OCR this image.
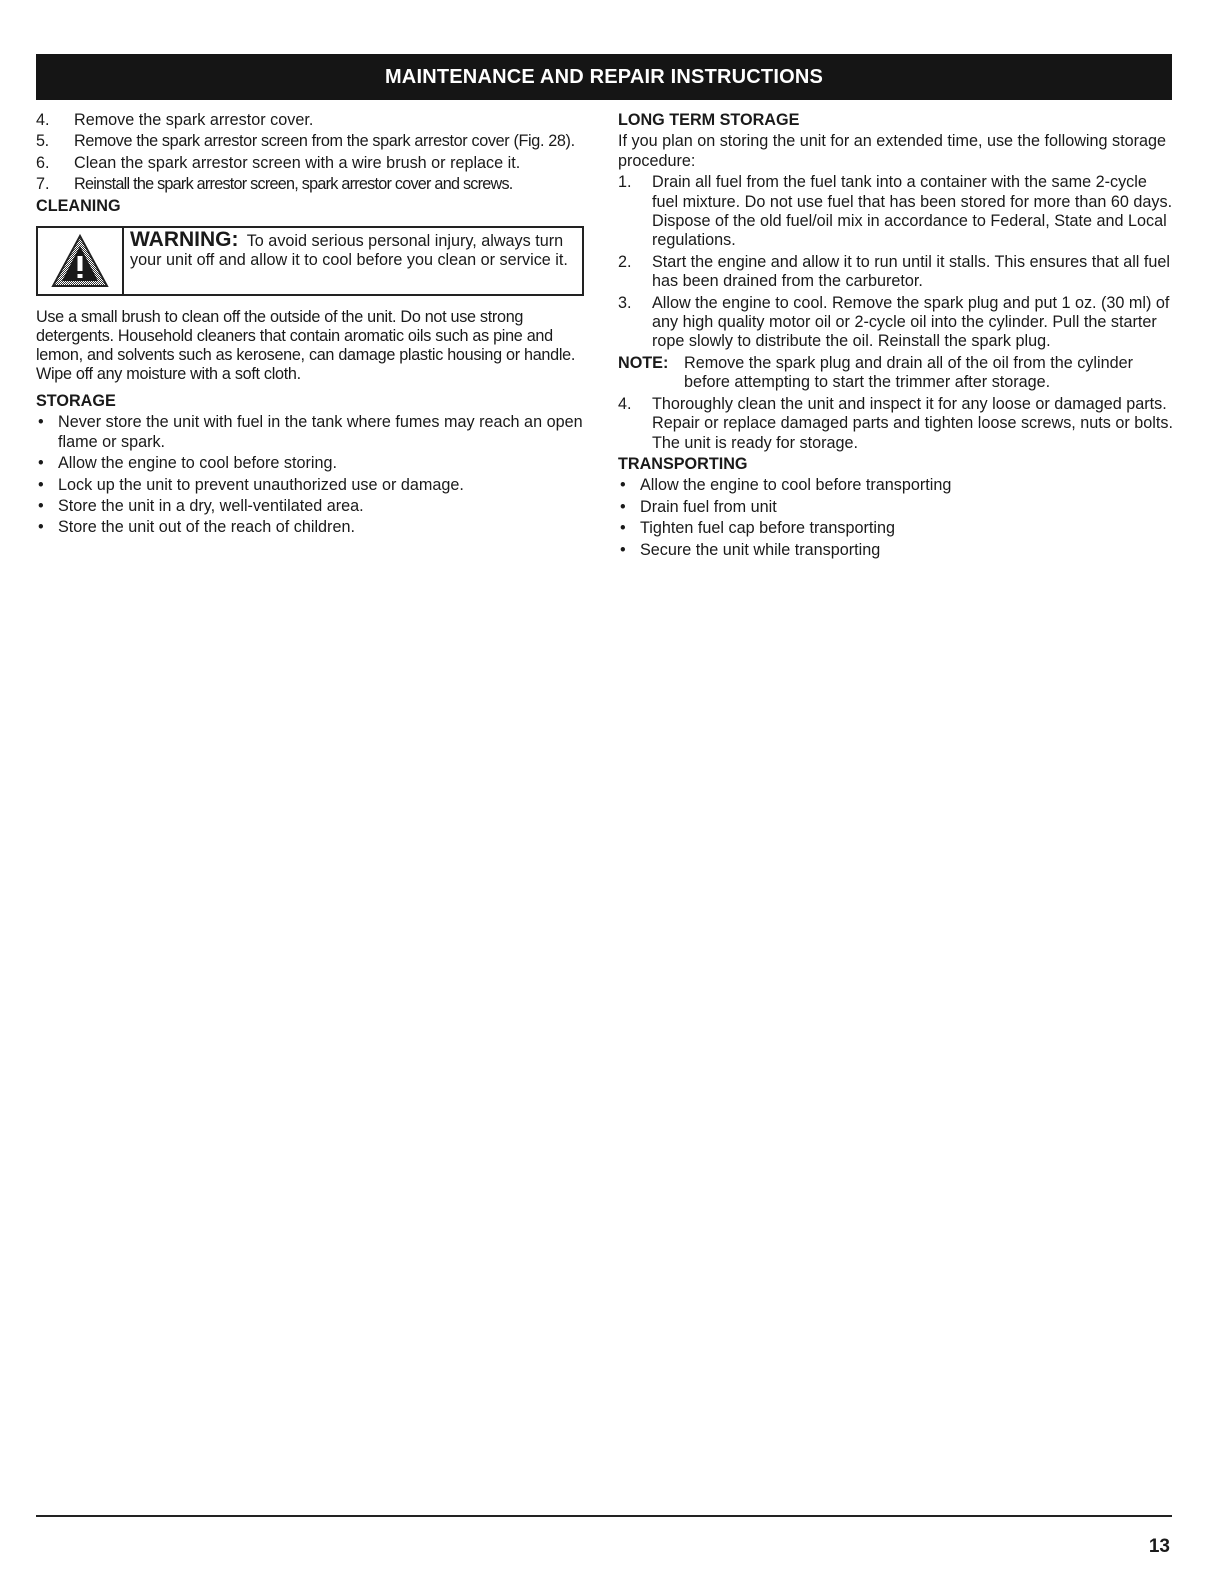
MAINTENANCE AND REPAIR INSTRUCTIONS
4.	Remove the spark arrestor cover.
5.	Remove the spark arrestor screen from the spark arrestor cover (Fig. 28).
6.	Clean the spark arrestor screen with a wire brush or replace it.
7.	Reinstall the spark arrestor screen, spark arrestor cover and screws.
CLEANING
WARNING: To avoid serious personal injury, always turn your unit off and allow it to cool before you clean or service it.
Use a small brush to clean off the outside of the unit. Do not use strong detergents. Household cleaners that contain aromatic oils such as pine and lemon, and solvents such as kerosene, can damage plastic housing or handle. Wipe off any moisture with a soft cloth.
STORAGE
• Never store the unit with fuel in the tank where fumes may reach an open flame or spark.
• Allow the engine to cool before storing.
• Lock up the unit to prevent unauthorized use or damage.
• Store the unit in a dry, well-ventilated area.
• Store the unit out of the reach of children.
LONG TERM STORAGE
If you plan on storing the unit for an extended time, use the following storage procedure:
1.	Drain all fuel from the fuel tank into a container with the same 2-cycle fuel mixture. Do not use fuel that has been stored for more than 60 days. Dispose of the old fuel/oil mix in accordance to Federal, State and Local regulations.
2.	Start the engine and allow it to run until it stalls. This ensures that all fuel has been drained from the carburetor.
3.	Allow the engine to cool. Remove the spark plug and put 1 oz. (30 ml) of any high quality motor oil or 2-cycle oil into the cylinder. Pull the starter rope slowly to distribute the oil. Reinstall the spark plug.
NOTE: Remove the spark plug and drain all of the oil from the cylinder before attempting to start the trimmer after storage.
4.	Thoroughly clean the unit and inspect it for any loose or damaged parts. Repair or replace damaged parts and tighten loose screws, nuts or bolts. The unit is ready for storage.
TRANSPORTING
• Allow the engine to cool before transporting
• Drain fuel from unit
• Tighten fuel cap before transporting
• Secure the unit while transporting
13
